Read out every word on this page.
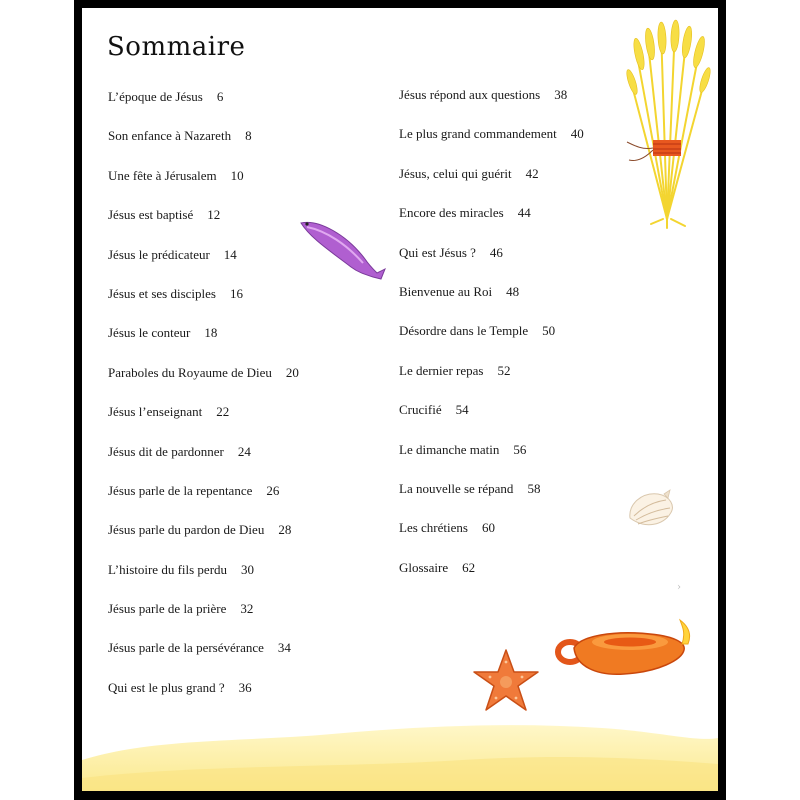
Sommaire
L’époque de Jésus 6
Son enfance à Nazareth 8
Une fête à Jérusalem 10
Jésus est baptisé 12
Jésus le prédicateur 14
Jésus et ses disciples 16
Jésus le conteur 18
Paraboles du Royaume de Dieu 20
Jésus l’enseignant 22
Jésus dit de pardonner 24
Jésus parle de la repentance 26
Jésus parle du pardon de Dieu 28
L’histoire du fils perdu 30
Jésus parle de la prière 32
Jésus parle de la persévérance 34
Qui est le plus grand ? 36
Jésus répond aux questions 38
Le plus grand commandement 40
Jésus, celui qui guérit 42
Encore des miracles 44
Qui est Jésus ? 46
Bienvenue au Roi 48
Désordre dans le Temple 50
Le dernier repas 52
Crucifié 54
Le dimanche matin 56
La nouvelle se répand 58
Les chrétiens 60
Glossaire 62
›
